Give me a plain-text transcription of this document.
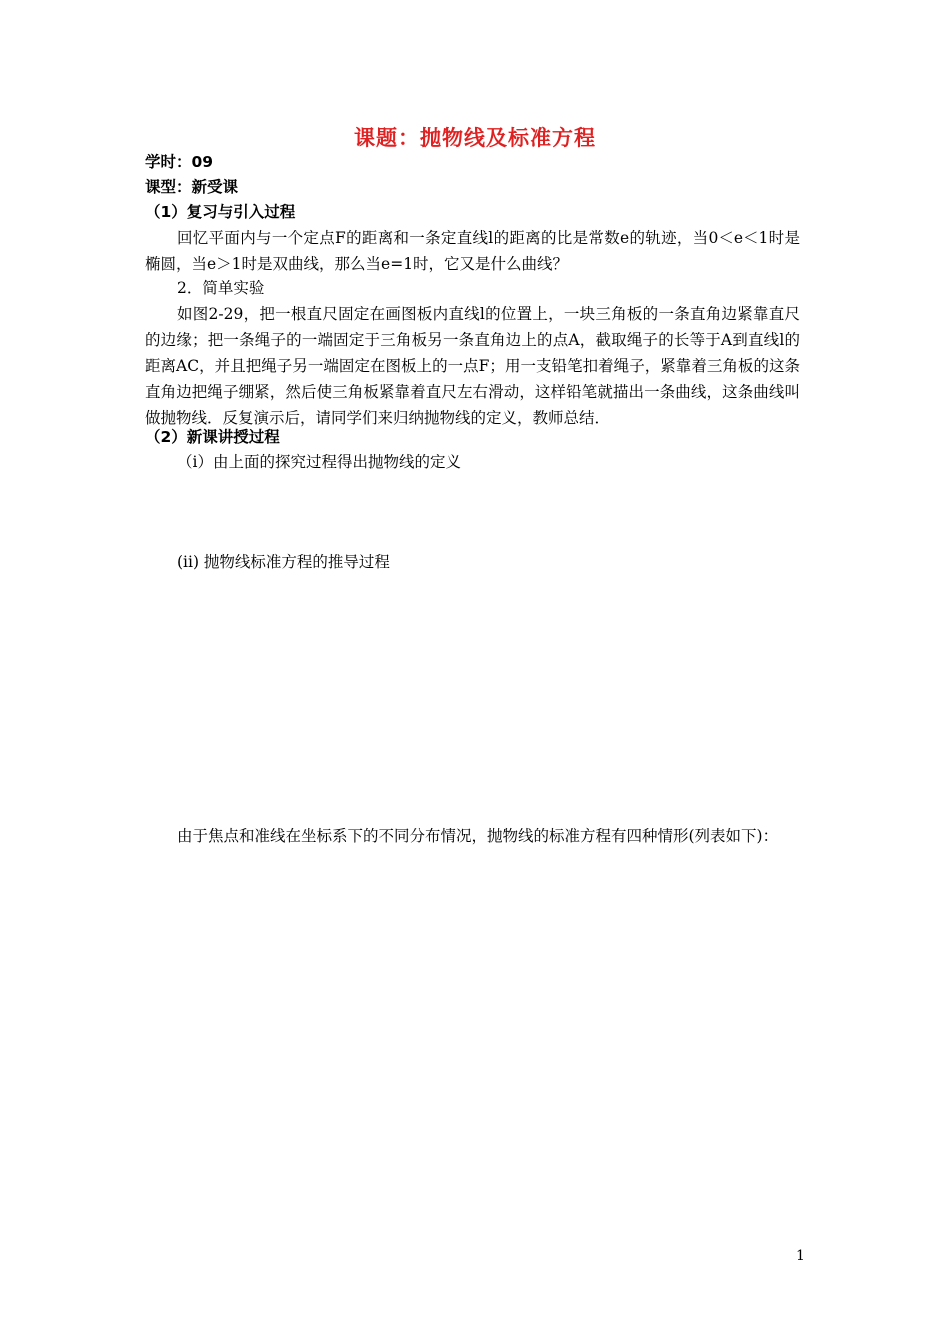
课题：抛物线及标准方程
学时：09
课型：新受课
（1）复习与引入过程
回忆平面内与一个定点F的距离和一条定直线l的距离的比是常数e的轨迹，当0＜e＜1时是椭圆，当e＞1时是双曲线，那么当e=1时，它又是什么曲线？
2．简单实验
如图2-29，把一根直尺固定在画图板内直线l的位置上，一块三角板的一条直角边紧靠直尺的边缘；把一条绳子的一端固定于三角板另一条直角边上的点A，截取绳子的长等于A到直线l的距离AC，并且把绳子另一端固定在图板上的一点F；用一支铅笔扣着绳子，紧靠着三角板的这条直角边把绳子绷紧，然后使三角板紧靠着直尺左右滑动，这样铅笔就描出一条曲线，这条曲线叫做抛物线．反复演示后，请同学们来归纳抛物线的定义，教师总结．
（2）新课讲授过程
（i）由上面的探究过程得出抛物线的定义
(ii) 抛物线标准方程的推导过程
由于焦点和准线在坐标系下的不同分布情况，抛物线的标准方程有四种情形(列表如下)：
1
